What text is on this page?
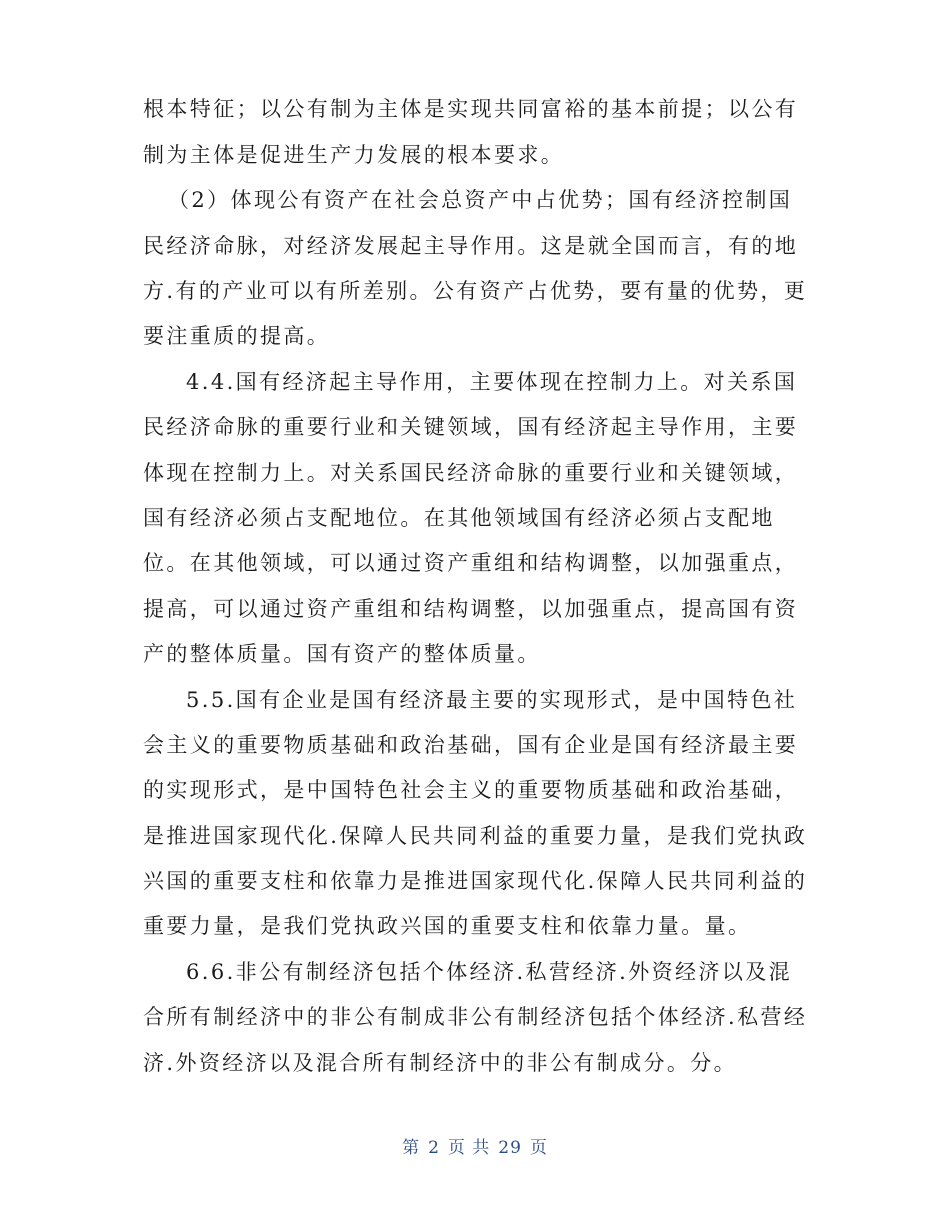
根本特征；以公有制为主体是实现共同富裕的基本前提；以公有
制为主体是促进生产力发展的根本要求。
（2）体现公有资产在社会总资产中占优势；国有经济控制国
民经济命脉，对经济发展起主导作用。这是就全国而言，有的地
方.有的产业可以有所差别。公有资产占优势，要有量的优势，更
要注重质的提高。
4.4.国有经济起主导作用，主要体现在控制力上。对关系国
民经济命脉的重要行业和关键领域，国有经济起主导作用，主要
体现在控制力上。对关系国民经济命脉的重要行业和关键领域，
国有经济必须占支配地位。在其他领域国有经济必须占支配地
位。在其他领域，可以通过资产重组和结构调整，以加强重点，
提高，可以通过资产重组和结构调整，以加强重点，提高国有资
产的整体质量。国有资产的整体质量。
5.5.国有企业是国有经济最主要的实现形式，是中国特色社
会主义的重要物质基础和政治基础，国有企业是国有经济最主要
的实现形式，是中国特色社会主义的重要物质基础和政治基础，
是推进国家现代化.保障人民共同利益的重要力量，是我们党执政
兴国的重要支柱和依靠力是推进国家现代化.保障人民共同利益的
重要力量，是我们党执政兴国的重要支柱和依靠力量。量。
6.6.非公有制经济包括个体经济.私营经济.外资经济以及混
合所有制经济中的非公有制成非公有制经济包括个体经济.私营经
济.外资经济以及混合所有制经济中的非公有制成分。分。
第 2 页 共 29 页
